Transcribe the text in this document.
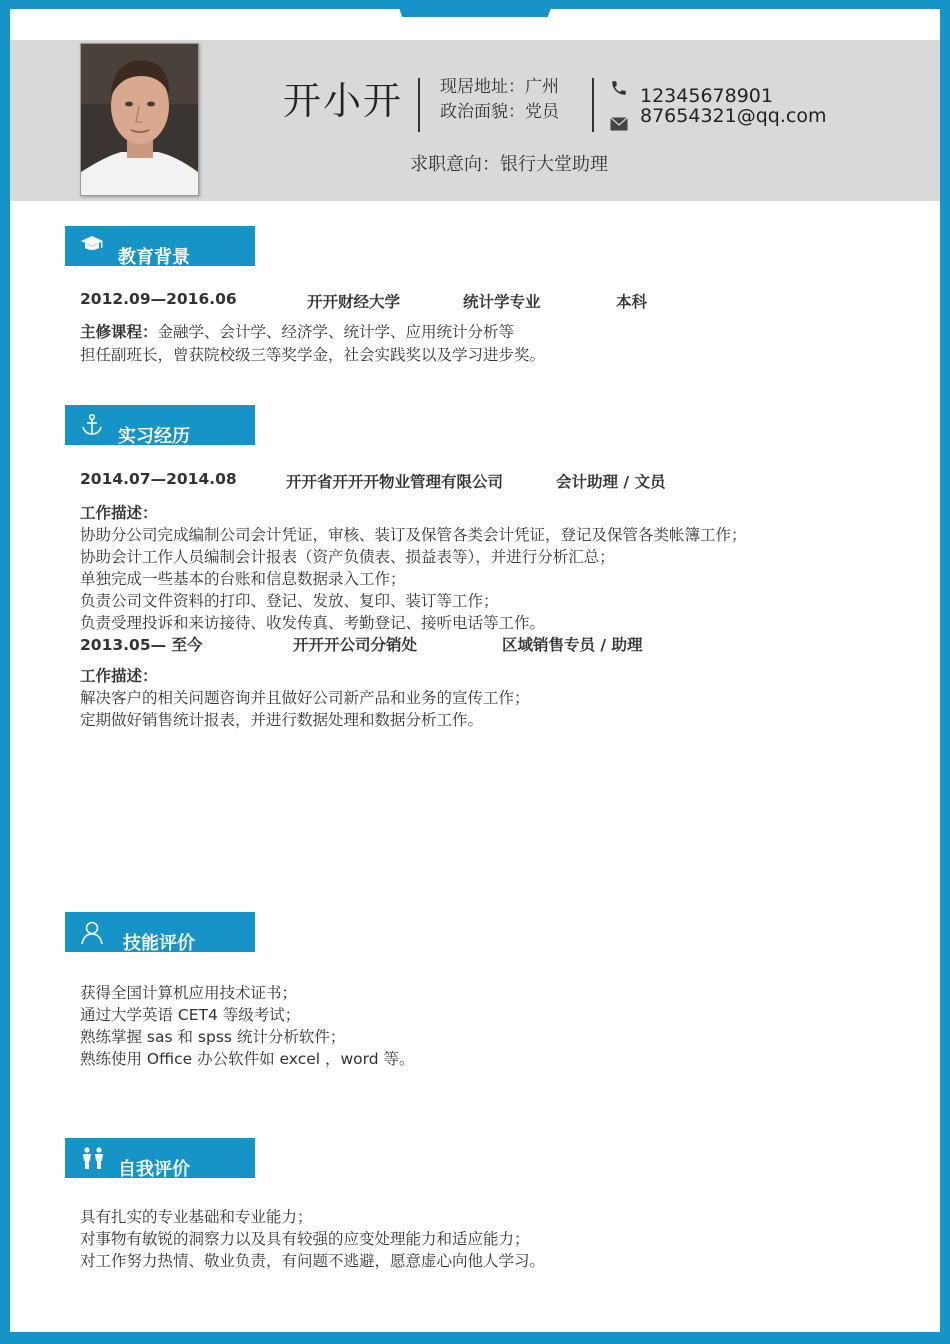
开小开 现居地址：广州
政治面貌：党员
12345678901
87654321@qq.com
求职意向：银行大堂助理
教育背景
2012.09—2016.06	开开财经大学	统计学专业	本科
主修课程：金融学、会计学、经济学、统计学、应用统计分析等
担任副班长，曾获院校级三等奖学金，社会实践奖以及学习进步奖。
实习经历
2014.07—2014.08	开开省开开开物业管理有限公司	会计助理 / 文员
工作描述：
协助分公司完成编制公司会计凭证，审核、装订及保管各类会计凭证，登记及保管各类帐簿工作；
协助会计工作人员编制会计报表（资产负债表、损益表等），并进行分析汇总；
单独完成一些基本的台账和信息数据录入工作；
负责公司文件资料的打印、登记、发放、复印、装订等工作；
负责受理投诉和来访接待、收发传真、考勤登记、接听电话等工作。
2013.05— 至今	开开开公司分销处	区域销售专员 / 助理
工作描述：
解决客户的相关问题咨询并且做好公司新产品和业务的宣传工作；
定期做好销售统计报表，并进行数据处理和数据分析工作。
技能评价
获得全国计算机应用技术证书；
通过大学英语 CET4 等级考试；
熟练掌握 sas 和 spss 统计分析软件；
熟练使用 Office 办公软件如 excel ，word 等。
自我评价
具有扎实的专业基础和专业能力；
对事物有敏锐的洞察力以及具有较强的应变处理能力和适应能力；
对工作努力热情、敬业负责，有问题不逃避，愿意虚心向他人学习。
